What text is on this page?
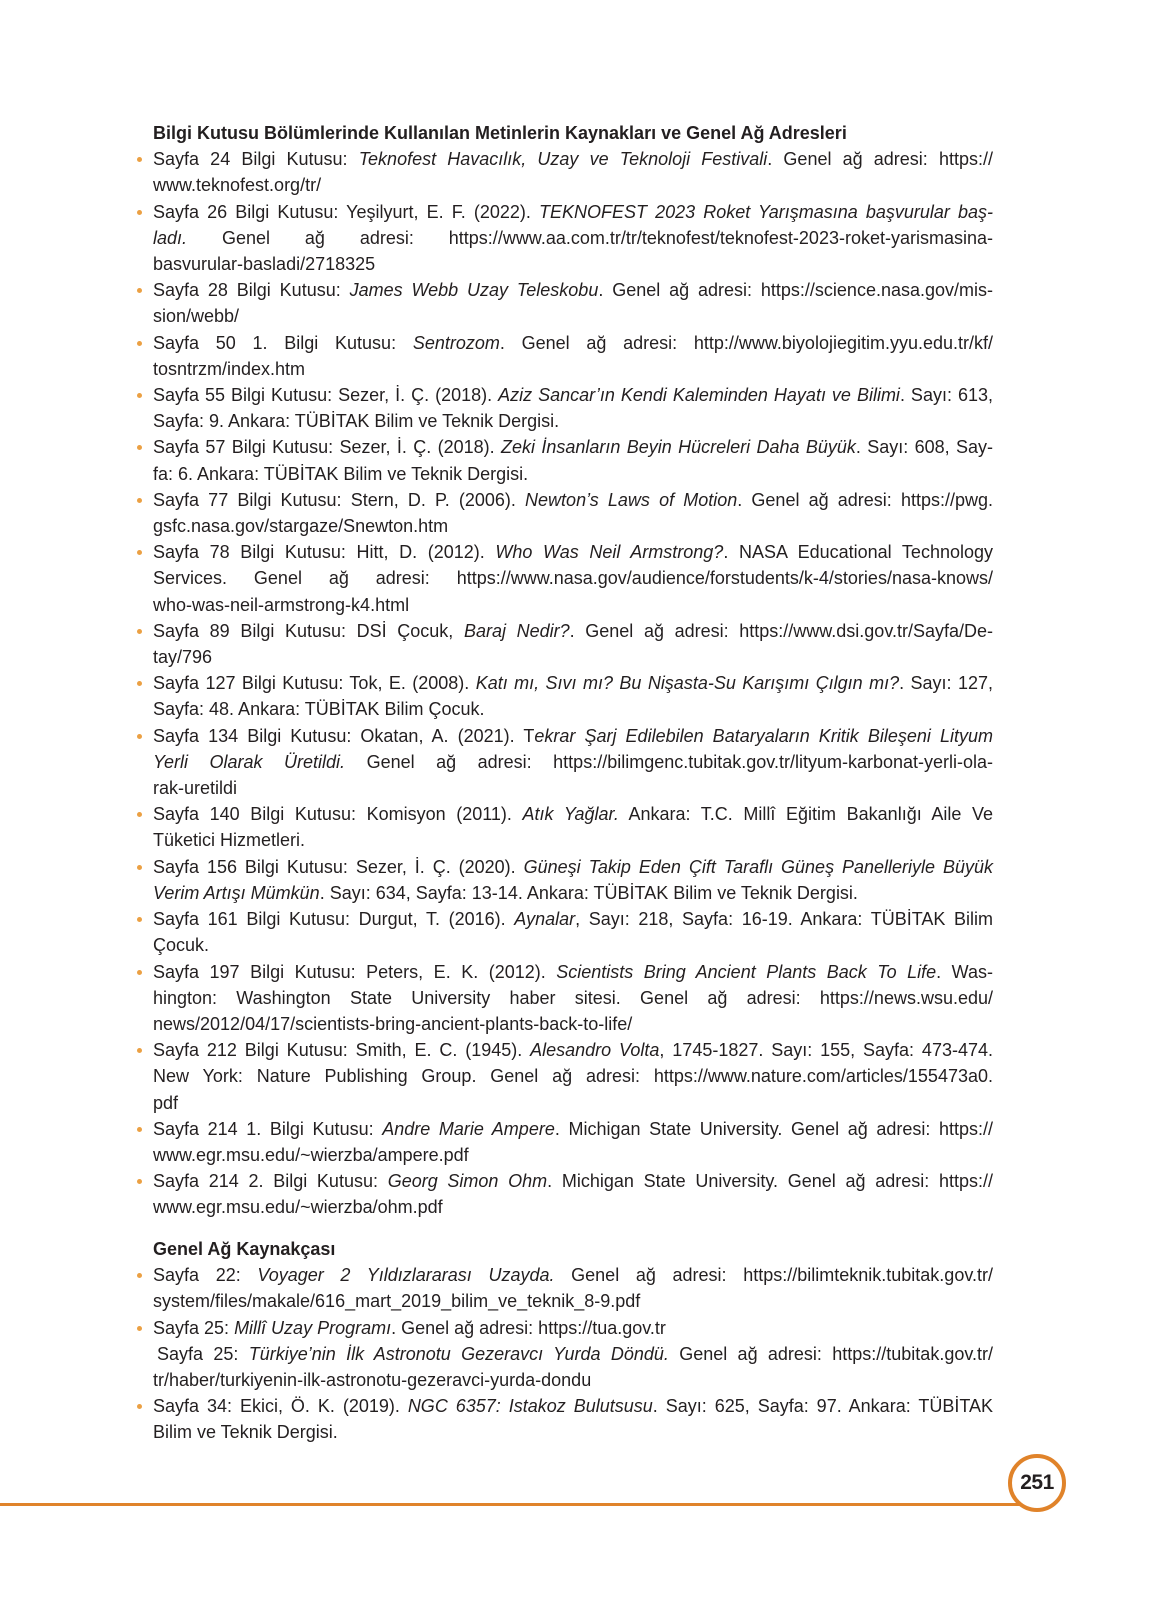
Bilgi Kutusu Bölümlerinde Kullanılan Metinlerin Kaynakları ve Genel Ağ Adresleri
Sayfa 24 Bilgi Kutusu: Teknofest Havacılık, Uzay ve Teknoloji Festivali. Genel ağ adresi: https://
www.teknofest.org/tr/
Sayfa 26 Bilgi Kutusu: Yeşilyurt, E. F. (2022). TEKNOFEST 2023 Roket Yarışmasına başvurular baş-
ladı. Genel ağ adresi: https://www.aa.com.tr/tr/teknofest/teknofest-2023-roket-yarismasina-
basvurular-basladi/2718325
Sayfa 28 Bilgi Kutusu: James Webb Uzay Teleskobu. Genel ağ adresi: https://science.nasa.gov/mis-
sion/webb/
Sayfa 50 1. Bilgi Kutusu: Sentrozom. Genel ağ adresi: http://www.biyolojiegitim.yyu.edu.tr/kf/
tosntrzm/index.htm
Sayfa 55 Bilgi Kutusu: Sezer, İ. Ç. (2018). Aziz Sancar’ın Kendi Kaleminden Hayatı ve Bilimi. Sayı: 613,
Sayfa: 9. Ankara: TÜBİTAK Bilim ve Teknik Dergisi.
Sayfa 57 Bilgi Kutusu: Sezer, İ. Ç. (2018). Zeki İnsanların Beyin Hücreleri Daha Büyük. Sayı: 608, Say-
fa: 6. Ankara: TÜBİTAK Bilim ve Teknik Dergisi.
Sayfa 77 Bilgi Kutusu: Stern, D. P. (2006). Newton’s Laws of Motion. Genel ağ adresi: https://pwg.
gsfc.nasa.gov/stargaze/Snewton.htm
Sayfa 78 Bilgi Kutusu: Hitt, D. (2012). Who Was Neil Armstrong?. NASA Educational Technology
Services. Genel ağ adresi: https://www.nasa.gov/audience/forstudents/k-4/stories/nasa-knows/
who-was-neil-armstrong-k4.html
Sayfa 89 Bilgi Kutusu: DSİ Çocuk, Baraj Nedir?. Genel ağ adresi: https://www.dsi.gov.tr/Sayfa/De-
tay/796
Sayfa 127 Bilgi Kutusu: Tok, E. (2008). Katı mı, Sıvı mı? Bu Nişasta-Su Karışımı Çılgın mı?. Sayı: 127,
Sayfa: 48. Ankara: TÜBİTAK Bilim Çocuk.
Sayfa 134 Bilgi Kutusu: Okatan, A. (2021). Tekrar Şarj Edilebilen Bataryaların Kritik Bileşeni Lityum
Yerli Olarak Üretildi. Genel ağ adresi: https://bilimgenc.tubitak.gov.tr/lityum-karbonat-yerli-ola-
rak-uretildi
Sayfa 140 Bilgi Kutusu: Komisyon (2011). Atık Yağlar. Ankara: T.C. Millî Eğitim Bakanlığı Aile Ve
Tüketici Hizmetleri.
Sayfa 156 Bilgi Kutusu: Sezer, İ. Ç. (2020). Güneşi Takip Eden Çift Taraflı Güneş Panelleriyle Büyük
Verim Artışı Mümkün. Sayı: 634, Sayfa: 13-14. Ankara: TÜBİTAK Bilim ve Teknik Dergisi.
Sayfa 161 Bilgi Kutusu: Durgut, T. (2016). Aynalar, Sayı: 218, Sayfa: 16-19. Ankara: TÜBİTAK Bilim
Çocuk.
Sayfa 197 Bilgi Kutusu: Peters, E. K. (2012). Scientists Bring Ancient Plants Back To Life. Was-
hington: Washington State University haber sitesi. Genel ağ adresi: https://news.wsu.edu/
news/2012/04/17/scientists-bring-ancient-plants-back-to-life/
Sayfa 212 Bilgi Kutusu: Smith, E. C. (1945). Alesandro Volta, 1745-1827. Sayı: 155, Sayfa: 473-474.
New York: Nature Publishing Group. Genel ağ adresi: https://www.nature.com/articles/155473a0.
pdf
Sayfa 214 1. Bilgi Kutusu: Andre Marie Ampere. Michigan State University. Genel ağ adresi: https://
www.egr.msu.edu/~wierzba/ampere.pdf
Sayfa 214 2. Bilgi Kutusu: Georg Simon Ohm. Michigan State University. Genel ağ adresi: https://
www.egr.msu.edu/~wierzba/ohm.pdf
Genel Ağ Kaynakçası
Sayfa 22: Voyager 2 Yıldızlararası Uzayda. Genel ağ adresi: https://bilimteknik.tubitak.gov.tr/
system/files/makale/616_mart_2019_bilim_ve_teknik_8-9.pdf
Sayfa 25: Millî Uzay Programı. Genel ağ adresi: https://tua.gov.tr
Sayfa 25: Türkiye’nin İlk Astronotu Gezeravcı Yurda Döndü. Genel ağ adresi: https://tubitak.gov.tr/
tr/haber/turkiyenin-ilk-astronotu-gezeravci-yurda-dondu
Sayfa 34: Ekici, Ö. K. (2019). NGC 6357: Istakoz Bulutsusu. Sayı: 625, Sayfa: 97. Ankara: TÜBİTAK
Bilim ve Teknik Dergisi.
251
